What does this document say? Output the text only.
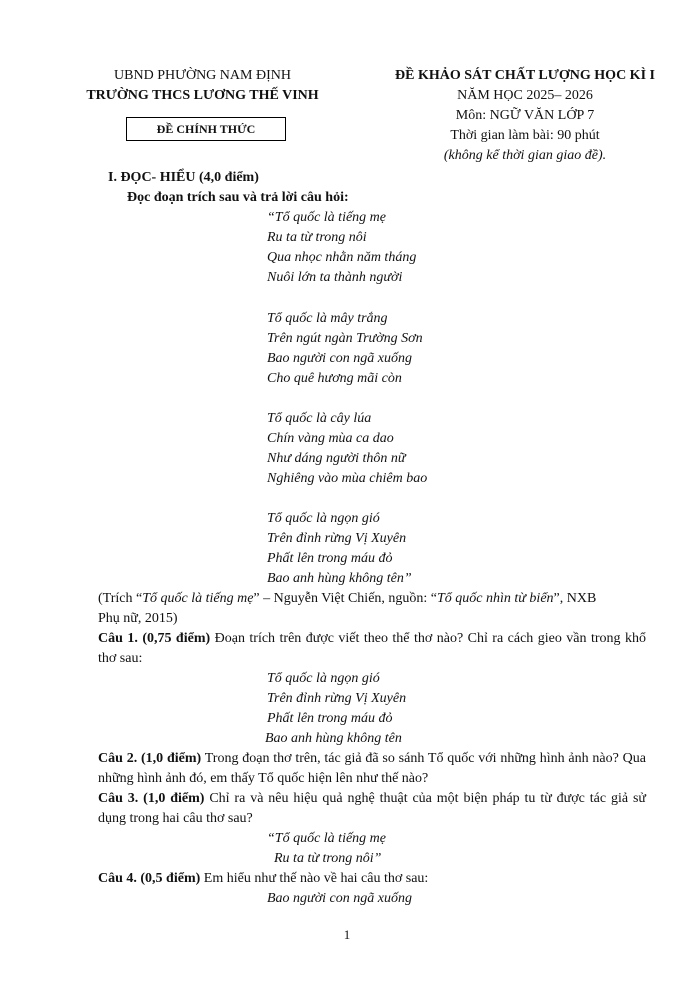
UBND PHƯỜNG NAM ĐỊNH
TRƯỜNG THCS LƯƠNG THẾ VINH
ĐỀ CHÍNH THỨC
ĐỀ KHẢO SÁT CHẤT LƯỢNG HỌC KÌ I
NĂM HỌC 2025– 2026
Môn: NGỮ VĂN LỚP 7
Thời gian làm bài: 90 phút
(không kể thời gian giao đề).
I. ĐỌC- HIỂU (4,0 điểm)
Đọc đoạn trích sau và trả lời câu hỏi:
“Tổ quốc là tiếng mẹ
Ru ta từ trong nôi
Qua nhọc nhằn năm tháng
Nuôi lớn ta thành người
Tổ quốc là mây trắng
Trên ngút ngàn Trường Sơn
Bao người con ngã xuống
Cho quê hương mãi còn
Tổ quốc là cây lúa
Chín vàng mùa ca dao
Như dáng người thôn nữ
Nghiêng vào mùa chiêm bao
Tổ quốc là ngọn gió
Trên đỉnh rừng Vị Xuyên
Phất lên trong máu đỏ
Bao anh hùng không tên”
(Trích “Tổ quốc là tiếng mẹ” – Nguyễn Việt Chiến, nguồn: “Tổ quốc nhìn từ biển”, NXB
Phụ nữ, 2015)
Câu 1. (0,75 điểm) Đoạn trích trên được viết theo thể thơ nào? Chỉ ra cách gieo vần trong khổ thơ sau:
Tổ quốc là ngọn gió
Trên đỉnh rừng Vị Xuyên
Phất lên trong máu đỏ
Bao anh hùng không tên
Câu 2. (1,0 điểm) Trong đoạn thơ trên, tác giả đã so sánh Tổ quốc với những hình ảnh nào? Qua những hình ảnh đó, em thấy Tổ quốc hiện lên như thế nào?
Câu 3. (1,0 điểm) Chỉ ra và nêu hiệu quả nghệ thuật của một biện pháp tu từ được tác giả sử dụng trong hai câu thơ sau?
“Tổ quốc là tiếng mẹ
Ru ta từ trong nôi”
Câu 4. (0,5 điểm) Em hiểu như thế nào về hai câu thơ sau:
Bao người con ngã xuống
1
